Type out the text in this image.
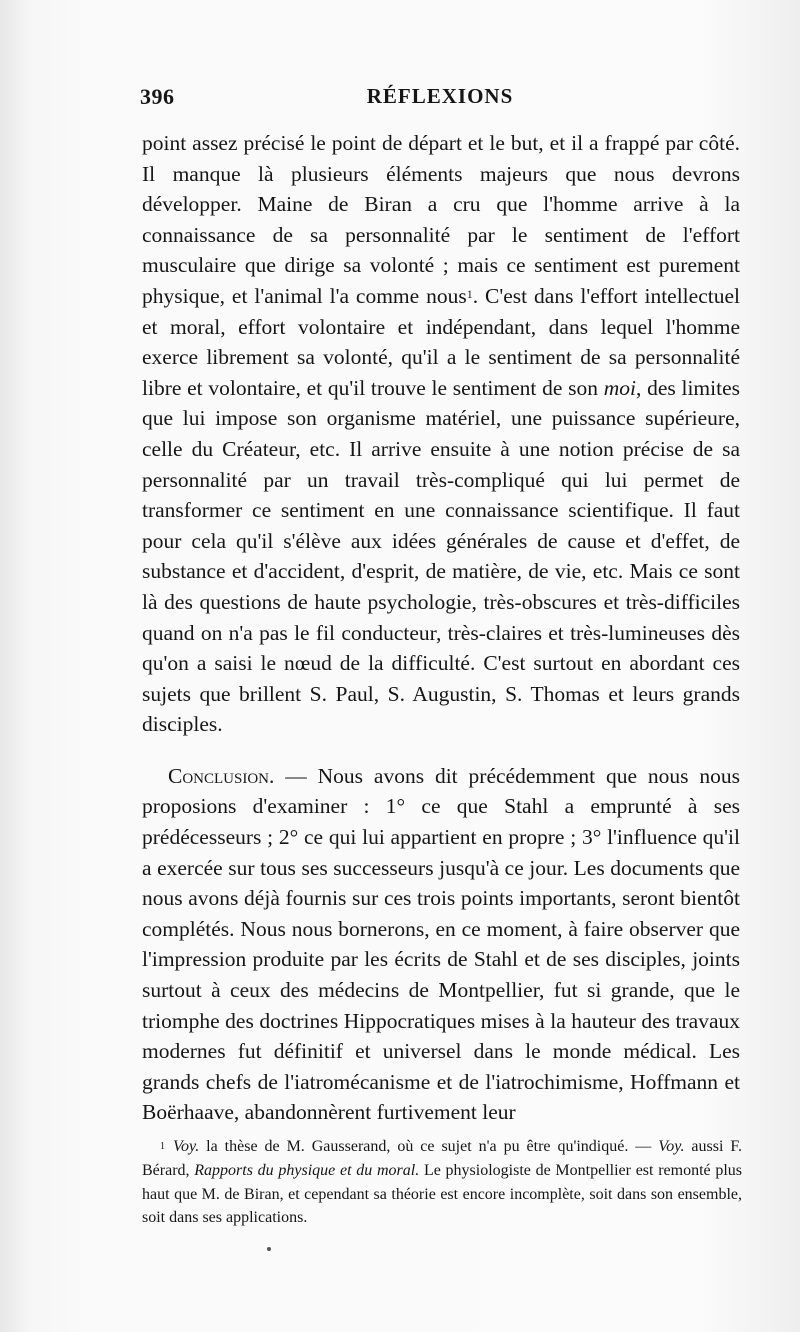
396	RÉFLEXIONS

point assez précisé le point de départ et le but, et il a frappé par côté. Il manque là plusieurs éléments majeurs que nous devrons développer. Maine de Biran a cru que l'homme arrive à la connaissance de sa personnalité par le sentiment de l'effort musculaire que dirige sa volonté ; mais ce sentiment est purement physique, et l'animal l'a comme nous$^1$. C'est dans l'effort intellectuel et moral, effort volontaire et indépendant, dans lequel l'homme exerce librement sa volonté, qu'il a le sentiment de sa personnalité libre et volontaire, et qu'il trouve le sentiment de son moi, des limites que lui impose son organisme matériel, une puissance supérieure, celle du Créateur, etc. Il arrive ensuite à une notion précise de sa personnalité par un travail très-compliqué qui lui permet de transformer ce sentiment en une connaissance scientifique. Il faut pour cela qu'il s'élève aux idées générales de cause et d'effet, de substance et d'accident, d'esprit, de matière, de vie, etc. Mais ce sont là des questions de haute psychologie, très-obscures et très-difficiles quand on n'a pas le fil conducteur, très-claires et très-lumineuses dès qu'on a saisi le nœud de la difficulté. C'est surtout en abordant ces sujets que brillent S. Paul, S. Augustin, S. Thomas et leurs grands disciples.

Conclusion. — Nous avons dit précédemment que nous nous proposions d'examiner : 1° ce que Stahl a emprunté à ses prédécesseurs ; 2° ce qui lui appartient en propre ; 3° l'influence qu'il a exercée sur tous ses successeurs jusqu'à ce jour. Les documents que nous avons déjà fournis sur ces trois points importants, seront bientôt complétés. Nous nous bornerons, en ce moment, à faire observer que l'impression produite par les écrits de Stahl et de ses disciples, joints surtout à ceux des médecins de Montpellier, fut si grande, que le triomphe des doctrines Hippocratiques mises à la hauteur des travaux modernes fut définitif et universel dans le monde médical. Les grands chefs de l'iatromécanisme et de l'iatrochimisme, Hoffmann et Boërhaave, abandonnèrent furtivement leur

$^1$ Voy. la thèse de M. Gausserand, où ce sujet n'a pu être qu'indiqué. — Voy. aussi F. Bérard, Rapports du physique et du moral. Le physiologiste de Montpellier est remonté plus haut que M. de Biran, et cependant sa théorie est encore incomplète, soit dans son ensemble, soit dans ses applications.
